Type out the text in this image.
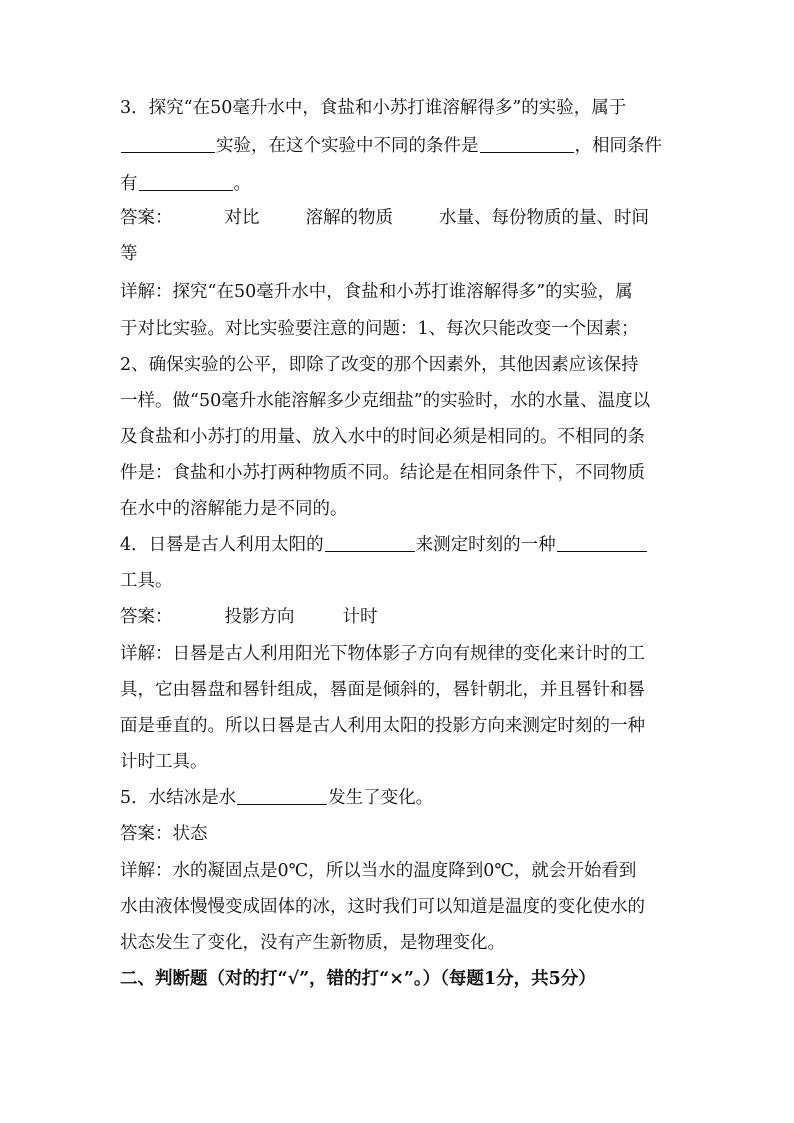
3．探究“在50毫升水中，食盐和小苏打谁溶解得多”的实验，属于
实验，在这个实验中不同的条件是	，相同条件
有	。
答案：	对比	溶解的物质	水量、每份物质的量、时间
等
详解：探究“在50毫升水中，食盐和小苏打谁溶解得多”的实验，属
于对比实验。对比实验要注意的问题：1、每次只能改变一个因素；
2、确保实验的公平，即除了改变的那个因素外，其他因素应该保持
一样。做“50毫升水能溶解多少克细盐”的实验时，水的水量、温度以
及食盐和小苏打的用量、放入水中的时间必须是相同的。不相同的条
件是：食盐和小苏打两种物质不同。结论是在相同条件下，不同物质
在水中的溶解能力是不同的。
4．日晷是古人利用太阳的	来测定时刻的一种
工具。
答案：	投影方向	计时
详解：日晷是古人利用阳光下物体影子方向有规律的变化来计时的工
具，它由晷盘和晷针组成，晷面是倾斜的，晷针朝北，并且晷针和晷
面是垂直的。所以日晷是古人利用太阳的投影方向来测定时刻的一种
计时工具。
5．水结冰是水	发生了变化。
答案：状态
详解：水的凝固点是0℃，所以当水的温度降到0℃，就会开始看到
水由液体慢慢变成固体的冰，这时我们可以知道是温度的变化使水的
状态发生了变化，没有产生新物质，是物理变化。
二、判断题（对的打“√”，错的打“×”。）（每题1分，共5分）
